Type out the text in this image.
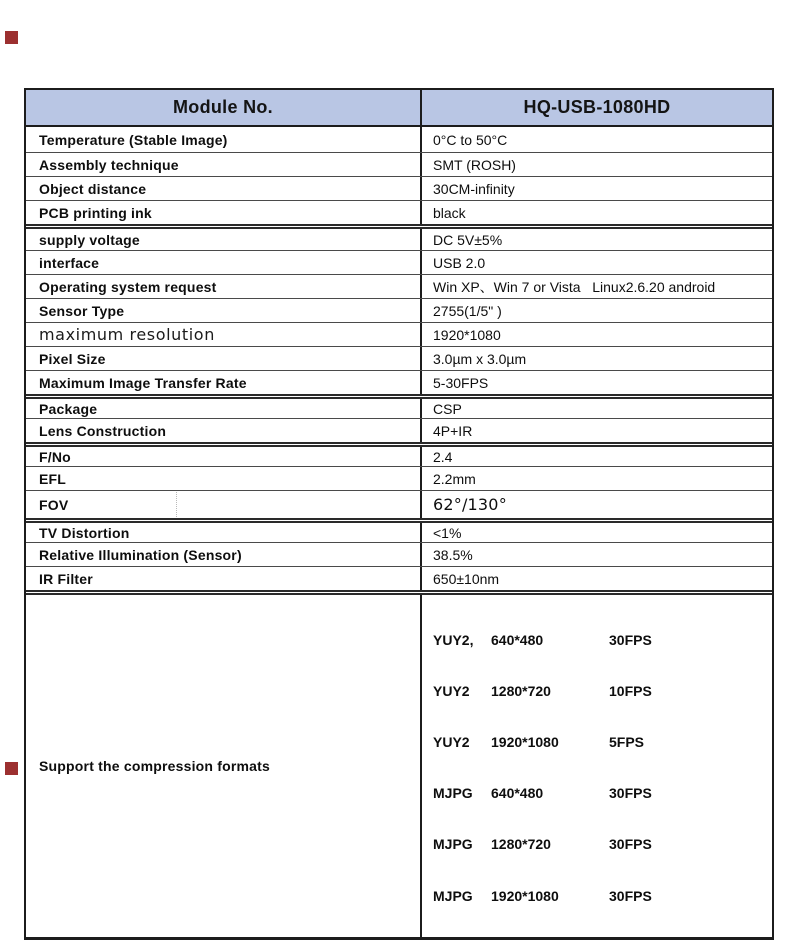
Module No.	HQ-USB-1080HD
Temperature (Stable Image)	0°C to 50°C
Assembly technique	SMT (ROSH)
Object distance	30CM-infinity
PCB printing ink	black
supply voltage	DC 5V±5%
interface	USB 2.0
Operating system request	Win XP、Win 7 or Vista   Linux2.6.20 android
Sensor Type	2755(1/5" )
maximum resolution	1920*1080
Pixel Size	3.0µm x 3.0µm
Maximum Image Transfer Rate	5-30FPS
Package	CSP
Lens Construction	4P+IR
F/No	2.4
EFL	2.2mm
FOV	62°/130°
TV Distortion	<1%
Relative Illumination (Sensor)	38.5%
IR Filter	650±10nm
Support the compression formats

YUY2,	640*480	30FPS

YUY2	1280*720	10FPS

YUY2	1920*1080	5FPS

MJPG	640*480	30FPS

MJPG	1280*720	30FPS

MJPG	1920*1080	30FPS
